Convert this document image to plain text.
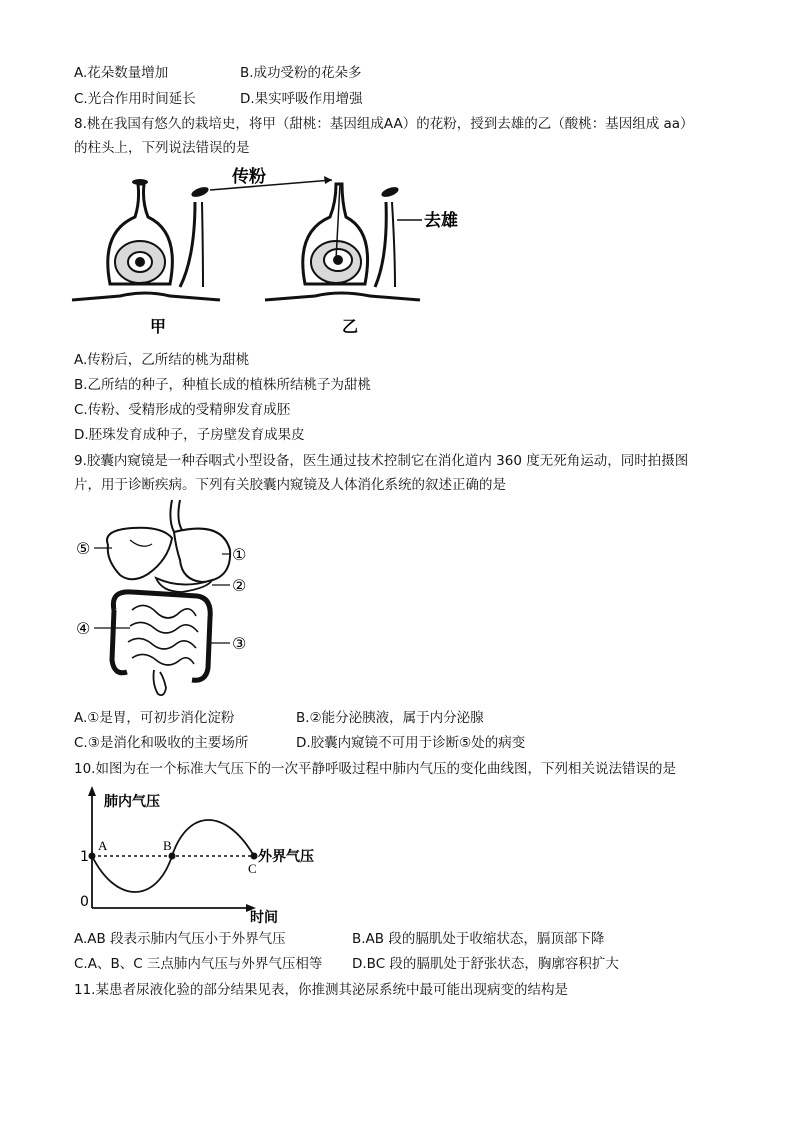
A.花朵数量增加	B.成功受粉的花朵多
C.光合作用时间延长	D.果实呼吸作用增强
8.桃在我国有悠久的栽培史，将甲（甜桃：基因组成AA）的花粉，授到去雄的乙（酸桃：基因组成 aa）
的柱头上，下列说法错误的是
传粉
去雄
甲	乙
A.传粉后，乙所结的桃为甜桃
B.乙所结的种子，种植长成的植株所结桃子为甜桃
C.传粉、受精形成的受精卵发育成胚
D.胚珠发育成种子，子房壁发育成果皮
9.胶囊内窥镜是一种吞咽式小型设备，医生通过技术控制它在消化道内 360 度无死角运动，同时拍摄图
片，用于诊断疾病。下列有关胶囊内窥镜及人体消化系统的叙述正确的是
⑤	①
②
③
④
A.①是胃，可初步消化淀粉	B.②能分泌胰液，属于内分泌腺
C.③是消化和吸收的主要场所	D.胶囊内窥镜不可用于诊断⑤处的病变
10.如图为在一个标准大气压下的一次平静呼吸过程中肺内气压的变化曲线图，下列相关说法错误的是
肺内气压
时间
1
0
A	B
C
外界气压
A.AB 段表示肺内气压小于外界气压	B.AB 段的膈肌处于收缩状态，膈顶部下降
C.A、B、C 三点肺内气压与外界气压相等 D.BC 段的膈肌处于舒张状态，胸廓容积扩大
11.某患者尿液化验的部分结果见表，你推测其泌尿系统中最可能出现病变的结构是
